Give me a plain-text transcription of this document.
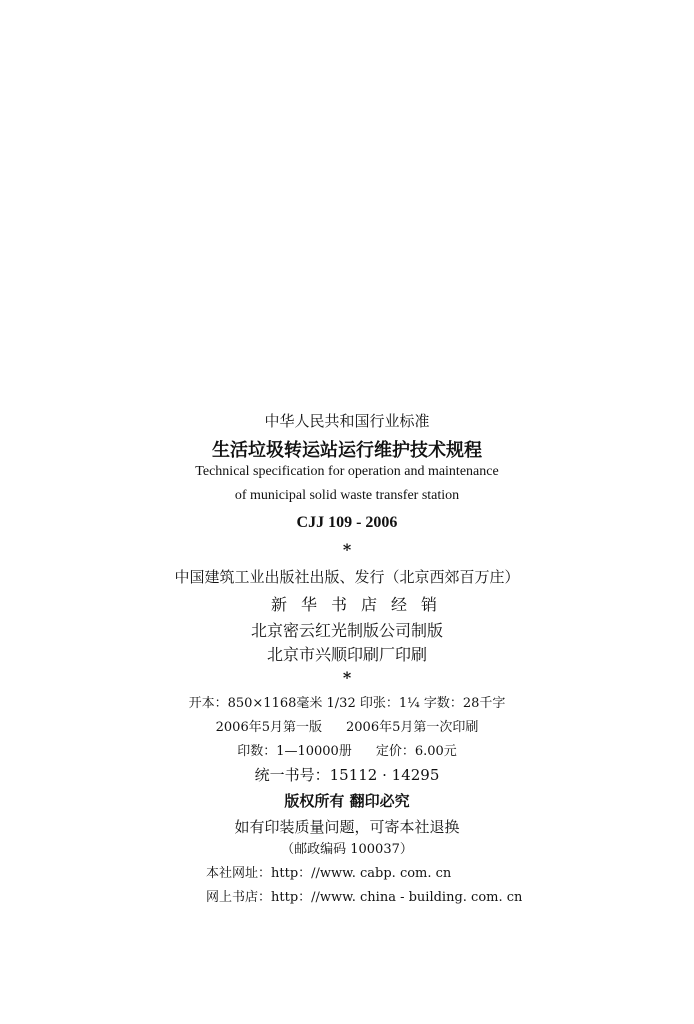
中华人民共和国行业标准
生活垃圾转运站运行维护技术规程
Technical specification for operation and maintenance
of municipal solid waste transfer station
CJJ 109 - 2006
*
中国建筑工业出版社出版、发行（北京西郊百万庄）
新华书店经销
北京密云红光制版公司制版
北京市兴顺印刷厂印刷
*
开本：850×1168毫米 1/32 印张：1¼ 字数：28千字
2006年5月第一版 2006年5月第一次印刷
印数：1—10000册 定价：6.00元
统一书号：15112 · 14295
版权所有 翻印必究
如有印装质量问题，可寄本社退换
（邮政编码 100037）
本社网址：http：//www. cabp. com. cn
网上书店：http：//www. china - building. com. cn
